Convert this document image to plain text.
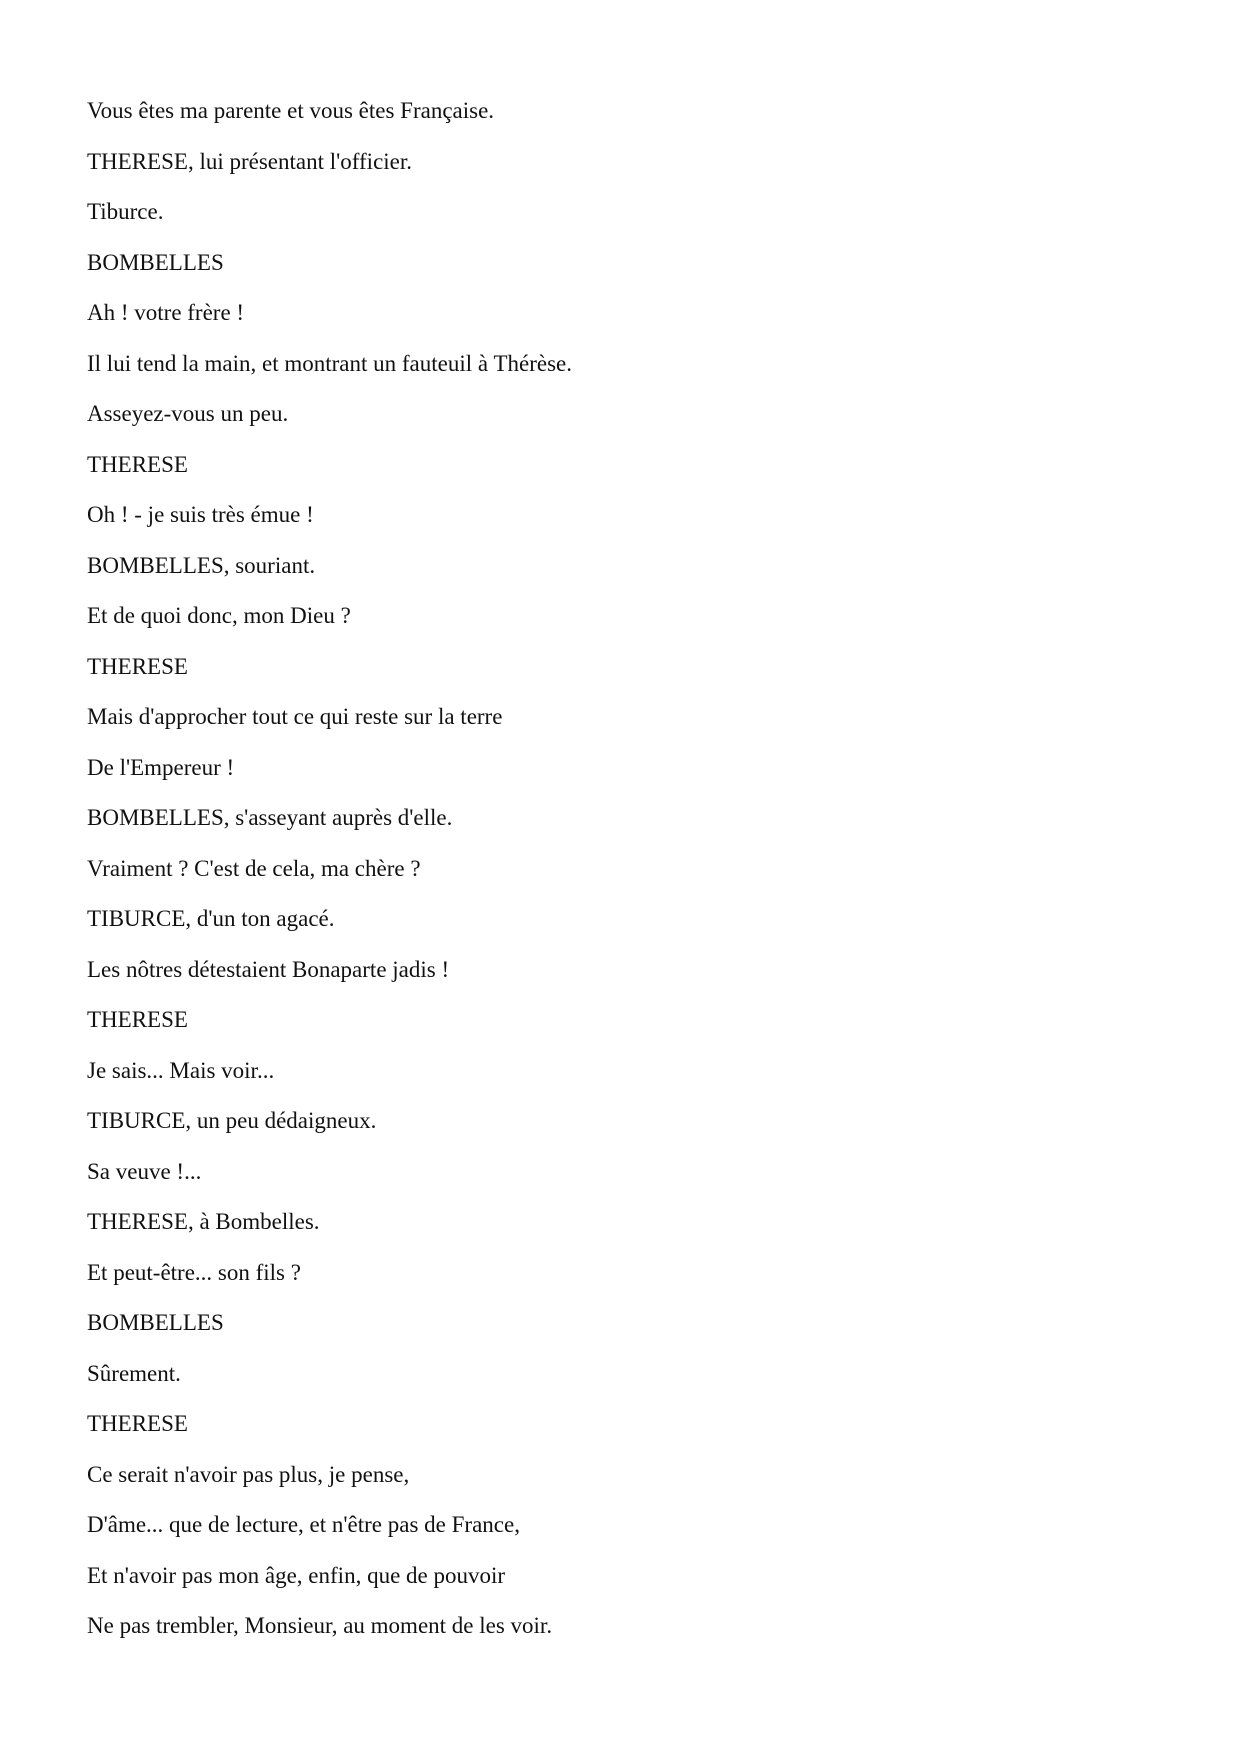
Vous êtes ma parente et vous êtes Française.
THERESE, lui présentant l'officier.
Tiburce.
BOMBELLES
Ah ! votre frère !
Il lui tend la main, et montrant un fauteuil à Thérèse.
Asseyez-vous un peu.
THERESE
Oh ! - je suis très émue !
BOMBELLES, souriant.
Et de quoi donc, mon Dieu ?
THERESE
Mais d'approcher tout ce qui reste sur la terre
De l'Empereur !
BOMBELLES, s'asseyant auprès d'elle.
Vraiment ? C'est de cela, ma chère ?
TIBURCE, d'un ton agacé.
Les nôtres détestaient Bonaparte jadis !
THERESE
Je sais... Mais voir...
TIBURCE, un peu dédaigneux.
Sa veuve !...
THERESE, à Bombelles.
Et peut-être... son fils ?
BOMBELLES
Sûrement.
THERESE
Ce serait n'avoir pas plus, je pense,
D'âme... que de lecture, et n'être pas de France,
Et n'avoir pas mon âge, enfin, que de pouvoir
Ne pas trembler, Monsieur, au moment de les voir.
